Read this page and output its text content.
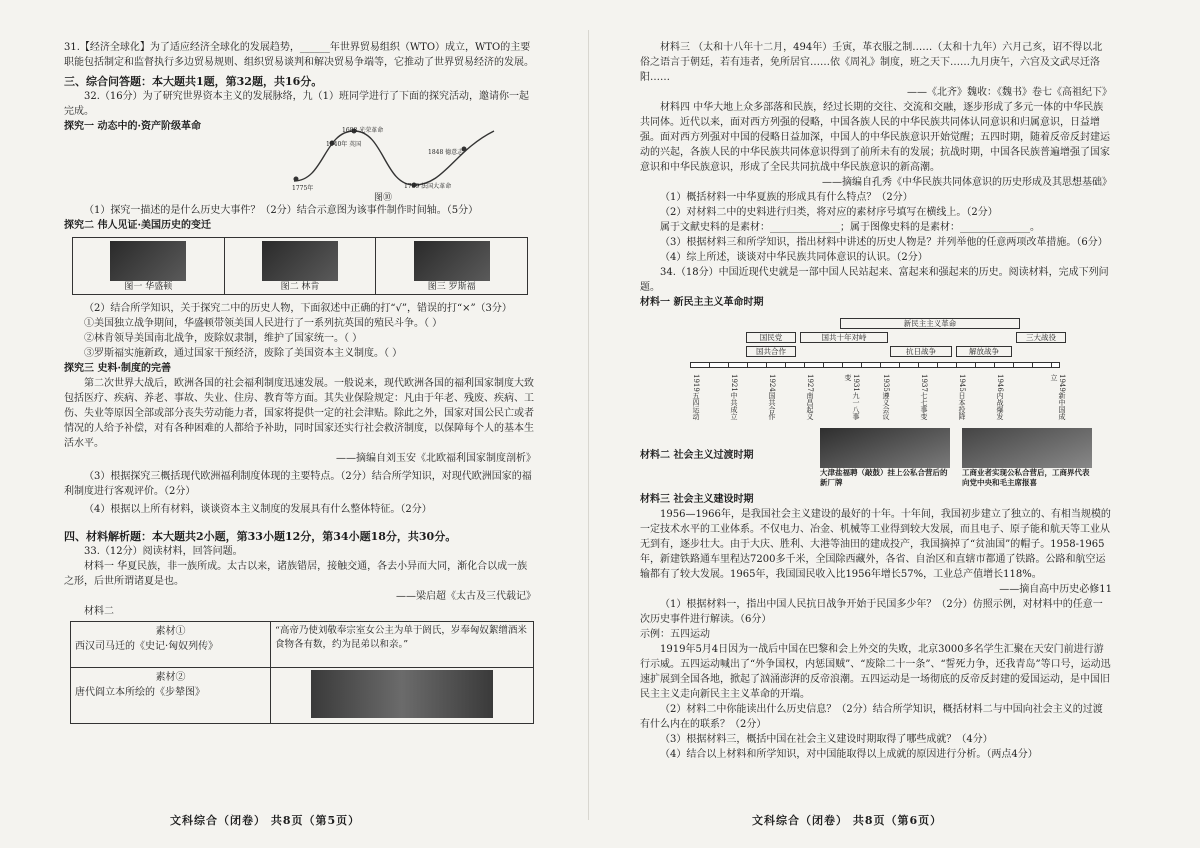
31.【经济全球化】为了适应经济全球化的发展趋势，______年世界贸易组织（WTO）成立，WTO的主要职能包括制定和监督执行多边贸易规则、组织贸易谈判和解决贸易争端等，它推动了世界贸易经济的发展。

三、综合问答题：本大题共1题，第32题，共16分。

32.（16分）为了研究世界资本主义的发展脉络，九（1）班同学进行了下面的探究活动，邀请你一起完成。

探究一 动态中的·资产阶级革命

1640年 英国
1688 光荣革命
1775年	1789 法国大革命
1848 德意志
图⑩

（1）探究一描述的是什么历史大事件？（2分）结合示意图为该事件制作时间轴。（5分）

探究二 伟人见证·美国历史的变迁

图一 华盛顿	图二 林肯	图三 罗斯福

（2）结合所学知识，关于探究二中的历史人物，下面叙述中正确的打“√”，错误的打“×”（3分）

①美国独立战争期间，华盛顿带领美国人民进行了一系列抗英国的殖民斗争。（ ）

②林肯领导美国南北战争，废除奴隶制，维护了国家统一。（ ）

③罗斯福实施新政，通过国家干预经济，废除了美国资本主义制度。（ ）

探究三 史料·制度的完善

第二次世界大战后，欧洲各国的社会福利制度迅速发展。一般说来，现代欧洲各国的福利国家制度大致包括医疗、疾病、养老、事故、失业、住房、教育等方面。其失业保险规定：凡由于年老、残废、疾病、工伤、失业等原因全部或部分丧失劳动能力者，国家将提供一定的社会津贴。除此之外，国家对国公民亡或者情况的人给予补偿，对有各种困难的人都给予补助，同时国家还实行社会救济制度，以保障每个人的基本生活水平。

——摘编自刘玉安《北欧福利国家制度剖析》

（3）根据探究三概括现代欧洲福利制度体现的主要特点。（2分）结合所学知识，对现代欧洲国家的福利制度进行客观评价。（2分）

（4）根据以上所有材料，谈谈资本主义制度的发展具有什么整体特征。（2分）

四、材料解析题：本大题共2小题，第33小题12分，第34小题18分，共30分。

33.（12分）阅读材料，回答问题。

材料一 华夏民族，非一族所成。太古以来，诸族错居，接触交通，各去小异而大同，渐化合以成一族之形，后世所谓诸夏是也。

——梁启超《太古及三代载记》

材料二

素材①
西汉司马迁的《史记·匈奴列传》	“高帝乃使刘敬奉宗室女公主为单于阏氏，岁奉匈奴絮缯酒米食物各有数，约为昆弟以和亲。”

素材②
唐代阎立本所绘的《步辇图》	

文科综合（闭卷） 共8页（第5页）

材料三 （太和十八年十二月，494年）壬寅，革衣服之制……（太和十九年）六月己亥，诏不得以北俗之语言于朝廷，若有违者，免所居官……依《周礼》制度，班之天下……九月庚午，六宫及文武尽迁洛阳……

——《北齐》魏收：《魏书》卷七《高祖纪下》

材料四 中华大地上众多部落和民族，经过长期的交往、交流和交融，逐步形成了多元一体的中华民族共同体。近代以来，面对西方列强的侵略，中国各族人民的中华民族共同体认同意识和归属意识，日益增强。面对西方列强对中国的侵略日益加深，中国人的中华民族意识开始觉醒；五四时期，随着反帝反封建运动的兴起，各族人民的中华民族共同体意识得到了前所未有的发展；抗战时期，中国各民族普遍增强了国家意识和中华民族意识，形成了全民共同抗战中华民族意识的新高潮。

——摘编自孔秀《中华民族共同体意识的历史形成及其思想基础》

（1）概括材料一中华夏族的形成具有什么特点？（2分）

（2）对材料二中的史料进行归类，将对应的素材序号填写在横线上。（2分）

属于文献史料的是素材：______________；属于图像史料的是素材：______________。

（3）根据材料三和所学知识，指出材料中讲述的历史人物是？并列举他的任意两项改革措施。（6分）

（4）综上所述，谈谈对中华民族共同体意识的认识。（2分）

34.（18分）中国近现代史就是一部中国人民站起来、富起来和强起来的历史。阅读材料，完成下列问题。

材料一 新民主主义革命时期

新民主主义革命
国民党	国共十年对峙
抗日战争	解放战争
国共合作
三大战役
1919五四运动	1921中共成立	1924国共合作	1927南昌起义	1931九一八事变	1935遵义会议	1937七七事变	1945日本投降	1946内战爆发	1949新中国成立

材料二 社会主义过渡时期

大津盐福聘（敲鼓）挂上公私合营后的新厂牌
工商业者实现公私合营后，工商界代表向党中央和毛主席报喜

材料三 社会主义建设时期

1956—1966年，是我国社会主义建设的最好的十年。十年间，我国初步建立了独立的、有相当规模的一定技术水平的工业体系。不仅电力、冶金、机械等工业得到较大发展，而且电子、原子能和航天等工业从无到有，逐步壮大。由于大庆、胜利、大港等油田的建成投产，我国摘掉了“贫油国”的帽子。1958-1965年，新建铁路通车里程达7200多千米，全国除西藏外，各省、自治区和直辖市都通了铁路。公路和航空运输都有了较大发展。1965年，我国国民收入比1956年增长57%，工业总产值增长118%。

——摘自高中历史必修11

（1）根据材料一，指出中国人民抗日战争开始于民国多少年？（2分）仿照示例，对材料中的任意一次历史事件进行解读。（6分）

示例：五四运动

1919年5月4日因为一战后中国在巴黎和会上外交的失败，北京3000多名学生汇聚在天安门前进行游行示威。五四运动喊出了“外争国权，内惩国贼”、“废除二十一条”、“誓死力争，还我青岛”等口号，运动迅速扩展到全国各地，掀起了汹涌澎湃的反帝浪潮。五四运动是一场彻底的反帝反封建的爱国运动，是中国旧民主主义走向新民主主义革命的开端。

（2）材料二中你能读出什么历史信息？（2分）结合所学知识，概括材料二与中国向社会主义的过渡有什么内在的联系？（2分）

（3）根据材料三，概括中国在社会主义建设时期取得了哪些成就？（4分）

（4）结合以上材料和所学知识，对中国能取得以上成就的原因进行分析。（两点4分）

文科综合（闭卷） 共8页（第6页）
